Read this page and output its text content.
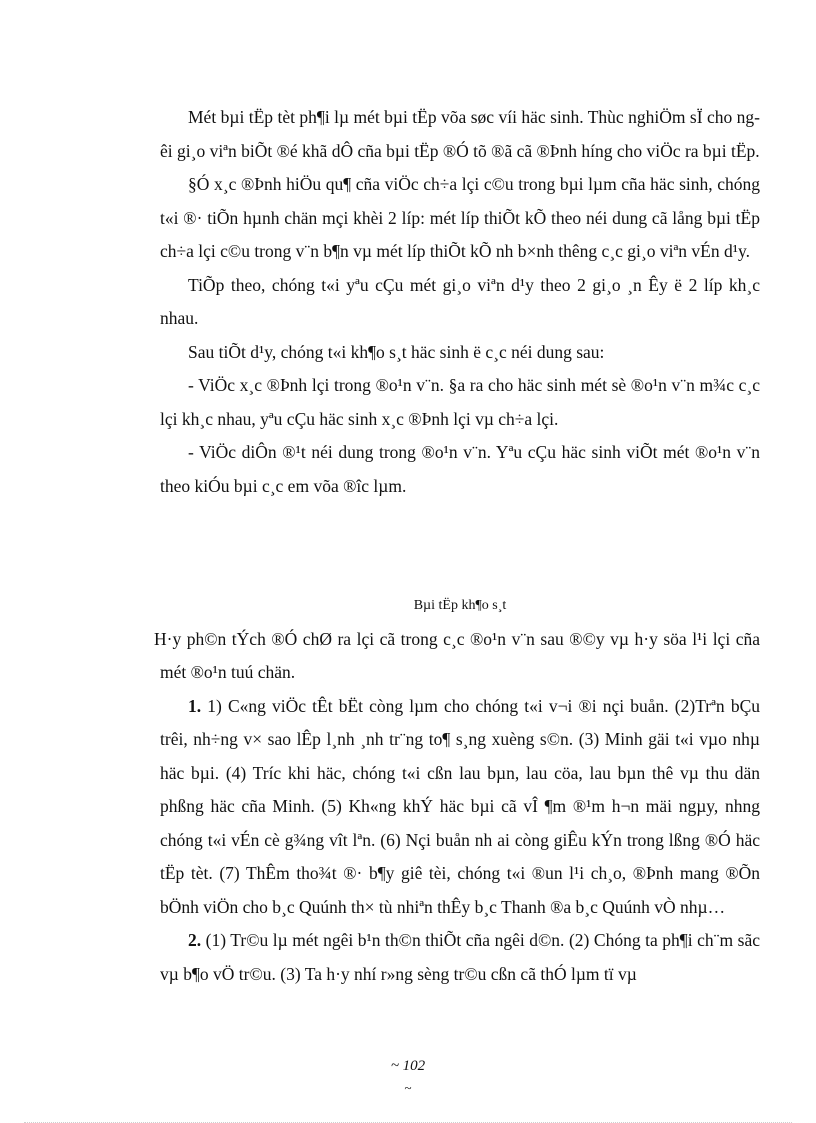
Mét bµi tËp tèt ph¶i lµ mét bµi tËp võa søc víi häc sinh. Thùc nghiÖm sÏ cho ngêi gi¸o viªn biÕt ®é khã dÔ cña bµi tËp ®Ó tõ ®ã cã ®Þnh híng cho viÖc ra bµi tËp.

§Ó x¸c ®Þnh hiÖu qu¶ cña viÖc ch÷a lçi c©u trong bµi lµm cña häc sinh, chóng t«i ®· tiÕn hµnh chän mçi khèi 2 líp: mét líp thiÕt kÕ theo néi dung cã lång bµi tËp ch÷a lçi c©u trong v¨n b¶n vµ mét líp thiÕt kÕ nh b×nh thêng c¸c gi¸o viªn vÉn d¹y.

TiÕp theo, chóng t«i yªu cÇu mét gi¸o viªn d¹y theo 2 gi¸o ¸n Êy ë 2 líp kh¸c nhau.

Sau tiÕt d¹y, chóng t«i kh¶o s¸t häc sinh ë c¸c néi dung sau:

- ViÖc x¸c ®Þnh lçi trong ®o¹n v¨n. §a ra cho häc sinh mét sè ®o¹n v¨n m¾c c¸c lçi kh¸c nhau, yªu cÇu häc sinh x¸c ®Þnh lçi vµ ch÷a lçi.

- ViÖc diÔn ®¹t néi dung trong ®o¹n v¨n. Yªu cÇu häc sinh viÕt mét ®o¹n v¨n theo kiÓu bµi c¸c em võa ®îc lµm.

Bµi tËp kh¶o s¸t

H·y ph©n tÝch ®Ó chØ ra lçi cã trong c¸c ®o¹n v¨n sau ®©y vµ h·y söa l¹i lçi cña mét ®o¹n tuú chän.

1. 1) C«ng viÖc tÊt bËt còng lµm cho chóng t«i v¬i ®i nçi buån. (2)Trªn bÇu trêi, nh÷ng v× sao lÊp l¸nh ¸nh tr¨ng to¶ s¸ng xuèng s©n. (3) Minh gäi t«i vµo nhµ häc bµi. (4) Tríc khi häc, chóng t«i cßn lau bµn, lau cöa, lau bµn thê vµ thu dän phßng häc cña Minh. (5) Kh«ng khÝ häc bµi cã vÎ ¶m ®¹m h¬n mäi ngµy, nhng chóng t«i vÉn cè g¾ng vît lªn. (6) Nçi buån nh ai còng giÊu kÝn trong lßng ®Ó häc tËp tèt. (7) ThÊm tho¾t ®· b¶y giê tèi, chóng t«i ®un l¹i ch¸o, ®Þnh mang ®Õn bÖnh viÖn cho b¸c Quúnh th× tù nhiªn thÊy b¸c Thanh ®a b¸c Quúnh vÒ nhµ…

2. (1) Tr©u lµ mét ngêi b¹n th©n thiÕt cña ngêi d©n. (2) Chóng ta ph¶i ch¨m sãc vµ b¶o vÖ tr©u. (3) Ta h·y nhí r»ng sèng tr©u cßn cã thÓ lµm tï vµ

~ 102
~
